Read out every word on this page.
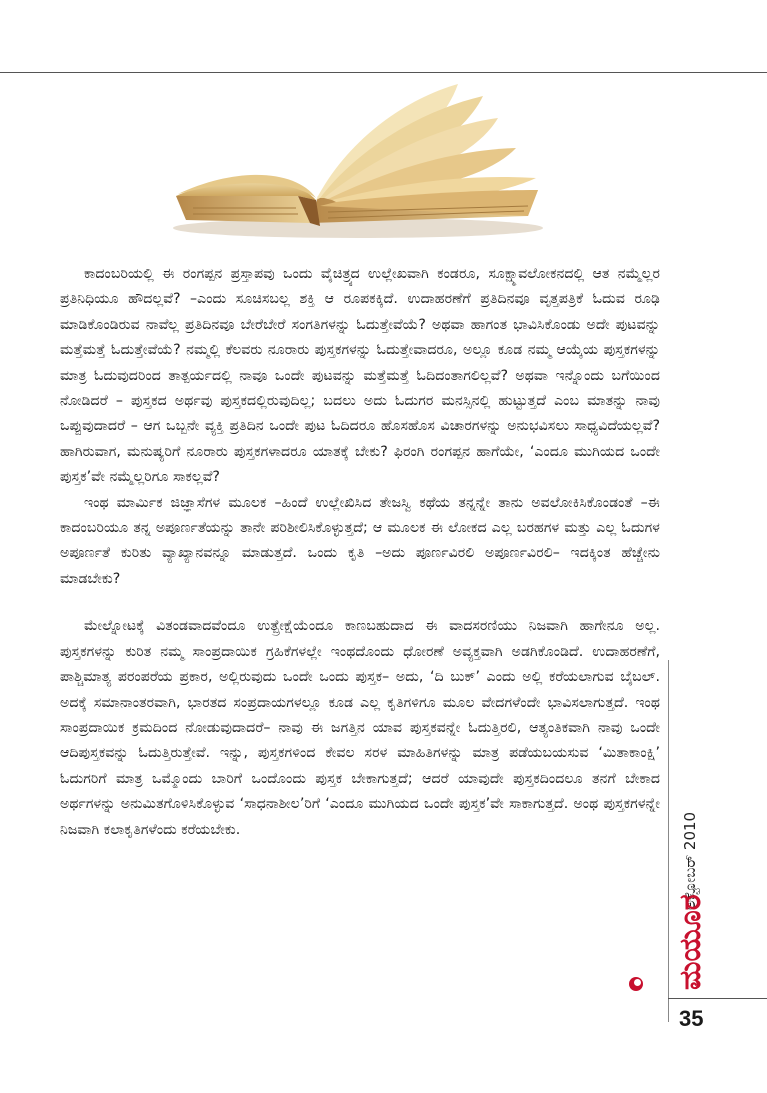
ಕಾದಂಬರಿಯಲ್ಲಿ ಈ ರಂಗಪ್ಪನ ಪ್ರಸ್ತಾಪವು ಒಂದು ವೈಚಿತ್ರ್ಯದ ಉಲ್ಲೇಖವಾಗಿ ಕಂಡರೂ, ಸೂಕ್ಷ್ಮಾವಲೋಕನದಲ್ಲಿ ಆತ ನಮ್ಮೆಲ್ಲರ ಪ್ರತಿನಿಧಿಯೂ ಹೌದಲ್ಲವೆ? –ಎಂದು ಸೂಚಿಸಬಲ್ಲ ಶಕ್ತಿ ಆ ರೂಪಕಕ್ಕಿದೆ. ಉದಾಹರಣೆಗೆ ಪ್ರತಿದಿನವೂ ವೃತ್ತಪತ್ರಿಕೆ ಓದುವ ರೂಢಿ ಮಾಡಿಕೊಂಡಿರುವ ನಾವೆಲ್ಲ ಪ್ರತಿದಿನವೂ ಬೇರೆಬೇರೆ ಸಂಗತಿಗಳನ್ನು ಓದುತ್ತೇವೆಯೆ? ಅಥವಾ ಹಾಗಂತ ಭಾವಿಸಿಕೊಂಡು ಅದೇ ಪುಟವನ್ನು ಮತ್ತೆಮತ್ತೆ ಓದುತ್ತೇವೆಯೆ? ನಮ್ಮಲ್ಲಿ ಕೆಲವರು ನೂರಾರು ಪುಸ್ತಕಗಳನ್ನು ಓದುತ್ತೇವಾದರೂ, ಅಲ್ಲೂ ಕೂಡ ನಮ್ಮ ಆಯ್ಕೆಯ ಪುಸ್ತಕಗಳನ್ನು ಮಾತ್ರ ಓದುವುದರಿಂದ ತಾತ್ಪರ್ಯದಲ್ಲಿ ನಾವೂ ಒಂದೇ ಪುಟವನ್ನು ಮತ್ತೆಮತ್ತೆ ಓದಿದಂತಾಗಲಿಲ್ಲವೆ? ಅಥವಾ ಇನ್ನೊಂದು ಬಗೆಯಿಂದ ನೋಡಿದರೆ – ಪುಸ್ತಕದ ಅರ್ಥವು ಪುಸ್ತಕದಲ್ಲಿರುವುದಿಲ್ಲ; ಬದಲು ಅದು ಓದುಗರ ಮನಸ್ಸಿನಲ್ಲಿ ಹುಟ್ಟುತ್ತದೆ ಎಂಬ ಮಾತನ್ನು ನಾವು ಒಪ್ಪುವುದಾದರೆ – ಆಗ ಒಬ್ಬನೇ ವ್ಯಕ್ತಿ ಪ್ರತಿದಿನ ಒಂದೇ ಪುಟ ಓದಿದರೂ ಹೊಸಹೊಸ ವಿಚಾರಗಳನ್ನು ಅನುಭವಿಸಲು ಸಾಧ್ಯವಿದೆಯಲ್ಲವೆ? ಹಾಗಿರುವಾಗ, ಮನುಷ್ಯರಿಗೆ ನೂರಾರು ಪುಸ್ತಕಗಳಾದರೂ ಯಾತಕ್ಕೆ ಬೇಕು? ಫಿರಂಗಿ ರಂಗಪ್ಪನ ಹಾಗೆಯೇ, ‘ಎಂದೂ ಮುಗಿಯದ ಒಂದೇ ಪುಸ್ತಕ’ವೇ ನಮ್ಮೆಲ್ಲರಿಗೂ ಸಾಕಲ್ಲವೆ?

ಇಂಥ ಮಾರ್ಮಿಕ ಜಿಜ್ಞಾಸೆಗಳ ಮೂಲಕ –ಹಿಂದೆ ಉಲ್ಲೇಖಿಸಿದ ತೇಜಸ್ವಿ ಕಥೆಯ ತನ್ನನ್ನೇ ತಾನು ಅವಲೋಕಿಸಿಕೊಂಡಂತೆ –ಈ ಕಾದಂಬರಿಯೂ ತನ್ನ ಅಪೂರ್ಣತೆಯನ್ನು ತಾನೇ ಪರಿಶೀಲಿಸಿಕೊಳ್ಳುತ್ತದೆ; ಆ ಮೂಲಕ ಈ ಲೋಕದ ಎಲ್ಲ ಬರಹಗಳ ಮತ್ತು ಎಲ್ಲ ಓದುಗಳ ಅಪೂರ್ಣತೆ ಕುರಿತು ವ್ಯಾಖ್ಯಾನವನ್ನೂ ಮಾಡುತ್ತದೆ. ಒಂದು ಕೃತಿ –ಅದು ಪೂರ್ಣವಿರಲಿ ಅಪೂರ್ಣವಿರಲಿ– ಇದಕ್ಕಿಂತ ಹೆಚ್ಚೇನು ಮಾಡಬೇಕು?

ಮೇಲ್ನೋಟಕ್ಕೆ ವಿತಂಡವಾದವೆಂದೂ ಉತ್ಪ್ರೇಕ್ಷೆಯೆಂದೂ ಕಾಣಬಹುದಾದ ಈ ವಾದಸರಣಿಯು ನಿಜವಾಗಿ ಹಾಗೇನೂ ಅಲ್ಲ. ಪುಸ್ತಕಗಳನ್ನು ಕುರಿತ ನಮ್ಮ ಸಾಂಪ್ರದಾಯಿಕ ಗ್ರಹಿಕೆಗಳಲ್ಲೇ ಇಂಥದೊಂದು ಧೋರಣೆ ಅವ್ಯಕ್ತವಾಗಿ ಅಡಗಿಕೊಂಡಿದೆ. ಉದಾಹರಣೆಗೆ, ಪಾಶ್ಚಿಮಾತ್ಯ ಪರಂಪರೆಯ ಪ್ರಕಾರ, ಅಲ್ಲಿರುವುದು ಒಂದೇ ಒಂದು ಪುಸ್ತಕ– ಅದು, ‘ದಿ ಬುಕ್’ ಎಂದು ಅಲ್ಲಿ ಕರೆಯಲಾಗುವ ಬೈಬಲ್. ಅದಕ್ಕೆ ಸಮಾನಾಂತರವಾಗಿ, ಭಾರತದ ಸಂಪ್ರದಾಯಗಳಲ್ಲೂ ಕೂಡ ಎಲ್ಲ ಕೃತಿಗಳಿಗೂ ಮೂಲ ವೇದಗಳೆಂದೇ ಭಾವಿಸಲಾಗುತ್ತದೆ. ಇಂಥ ಸಾಂಪ್ರದಾಯಿಕ ಕ್ರಮದಿಂದ ನೋಡುವುದಾದರೆ– ನಾವು ಈ ಜಗತ್ತಿನ ಯಾವ ಪುಸ್ತಕವನ್ನೇ ಓದುತ್ತಿರಲಿ, ಆತ್ಯಂತಿಕವಾಗಿ ನಾವು ಒಂದೇ ಆದಿಪುಸ್ತಕವನ್ನು ಓದುತ್ತಿರುತ್ತೇವೆ. ಇನ್ನು, ಪುಸ್ತಕಗಳಿಂದ ಕೇವಲ ಸರಳ ಮಾಹಿತಿಗಳನ್ನು ಮಾತ್ರ ಪಡೆಯಬಯಸುವ ‘ಮಿತಾಕಾಂಕ್ಷಿ’ ಓದುಗರಿಗೆ ಮಾತ್ರ ಒಮ್ಮೊಂದು ಬಾರಿಗೆ ಒಂದೊಂದು ಪುಸ್ತಕ ಬೇಕಾಗುತ್ತದೆ; ಆದರೆ ಯಾವುದೇ ಪುಸ್ತಕದಿಂದಲೂ ತನಗೆ ಬೇಕಾದ ಅರ್ಥಗಳನ್ನು ಅನುಮಿತಗೊಳಿಸಿಕೊಳ್ಳುವ ‘ಸಾಧನಾಶೀಲ’ರಿಗೆ ‘ಎಂದೂ ಮುಗಿಯದ ಒಂದೇ ಪುಸ್ತಕ’ವೇ ಸಾಕಾಗುತ್ತದೆ. ಅಂಥ ಪುಸ್ತಕಗಳನ್ನೇ ನಿಜವಾಗಿ ಕಲಾಕೃತಿಗಳೆಂದು ಕರೆಯಬೇಕು.	ಅಕ್ಟೋಬರ್ 2010
ಮಯೂರ
35
